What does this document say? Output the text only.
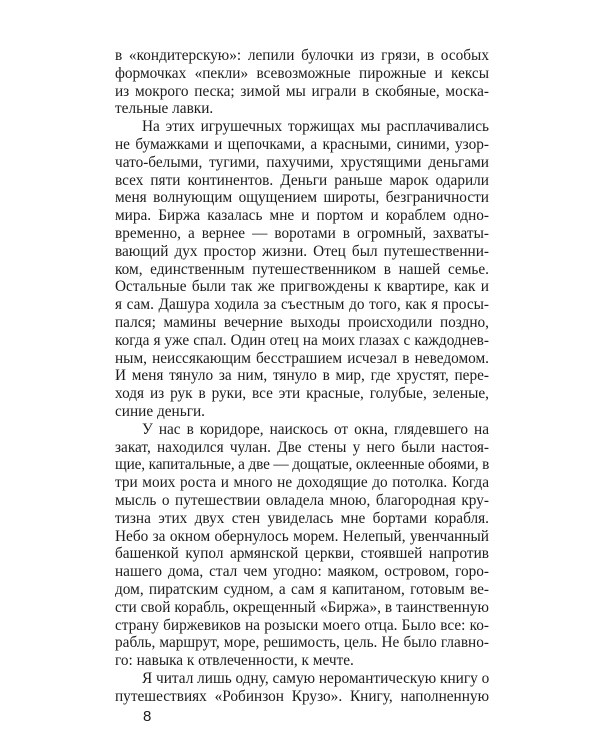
в «кондитерскую»: лепили булочки из грязи, в особых
формочках «пекли» всевозможные пирожные и кексы
из мокрого песка; зимой мы играли в скобяные, моска-
тельные лавки.
На этих игрушечных торжищах мы расплачивались
не бумажками и щепочками, а красными, синими, узор-
чато-белыми, тугими, пахучими, хрустящими деньгами
всех пяти континентов. Деньги раньше марок одарили
меня волнующим ощущением широты, безграничности
мира. Биржа казалась мне и портом и кораблем одно-
временно, а вернее — воротами в огромный, захваты-
вающий дух простор жизни. Отец был путешественни-
ком, единственным путешественником в нашей семье.
Остальные были так же пригвождены к квартире, как и
я сам. Дашура ходила за съестным до того, как я просы-
пался; мамины вечерние выходы происходили поздно,
когда я уже спал. Один отец на моих глазах с каждоднев-
ным, неиссякающим бесстрашием исчезал в неведомом.
И меня тянуло за ним, тянуло в мир, где хрустят, пере-
ходя из рук в руки, все эти красные, голубые, зеленые,
синие деньги.
У нас в коридоре, наискось от окна, глядевшего на
закат, находился чулан. Две стены у него были настоя-
щие, капитальные, а две — дощатые, оклеенные обоями, в
три моих роста и много не доходящие до потолка. Когда
мысль о путешествии овладела мною, благородная кру-
тизна этих двух стен увиделась мне бортами корабля.
Небо за окном обернулось морем. Нелепый, увенчанный
башенкой купол армянской церкви, стоявшей напротив
нашего дома, стал чем угодно: маяком, островом, горо-
дом, пиратским судном, а сам я капитаном, готовым ве-
сти свой корабль, окрещенный «Биржа», в таинственную
страну биржевиков на розыски моего отца. Было все: ко-
рабль, маршрут, море, решимость, цель. Не было главно-
го: навыка к отвлеченности, к мечте.
Я читал лишь одну, самую неромантическую книгу о
путешествиях «Робинзон Крузо». Книгу, наполненную
8
